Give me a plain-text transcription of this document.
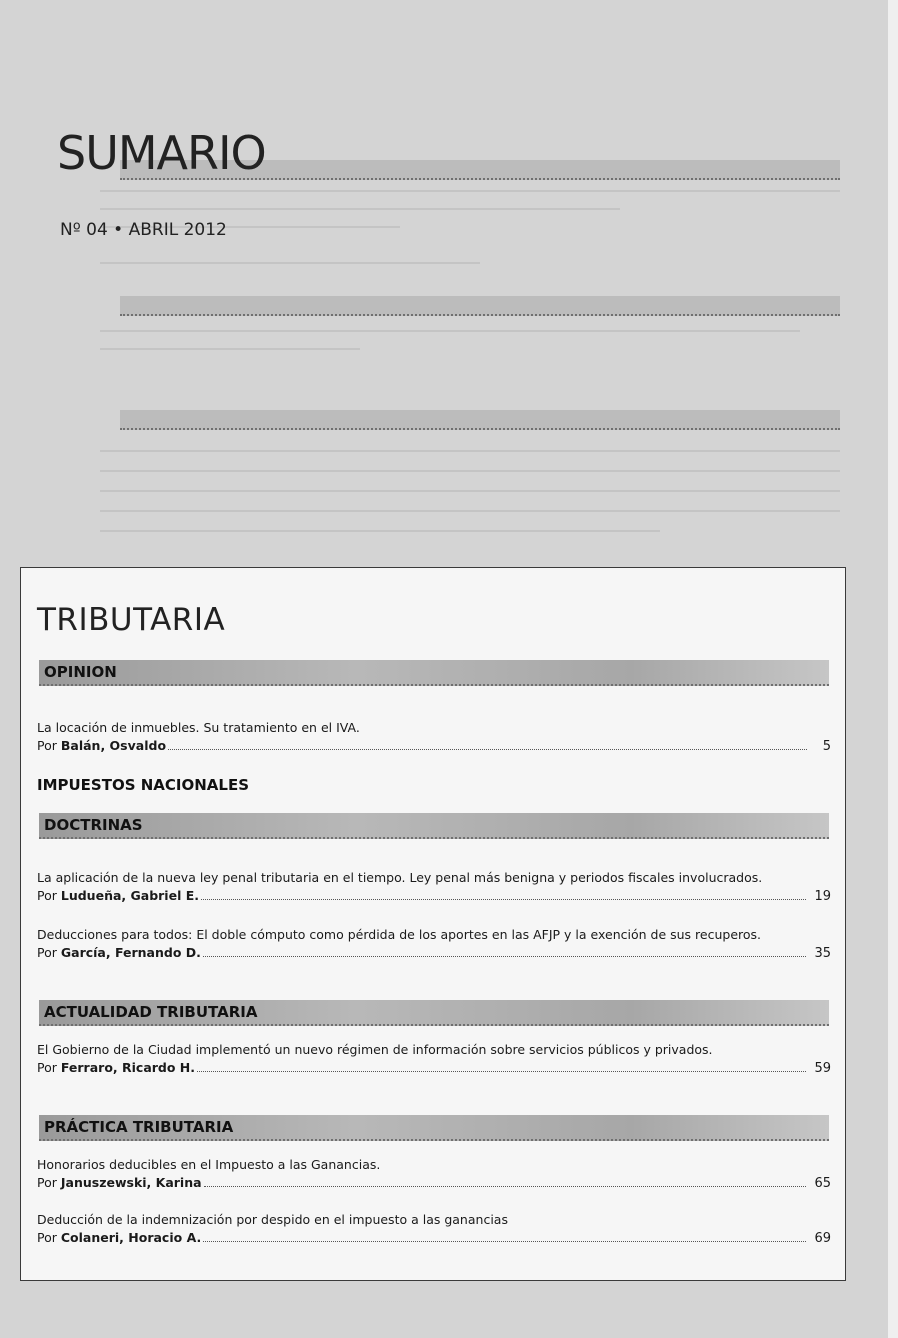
SUMARIO
Nº 04 • ABRIL 2012
TRIBUTARIA
OPINION
La locación de inmuebles. Su tratamiento en el IVA.
Por
Balán, Osvaldo	5
IMPUESTOS NACIONALES
DOCTRINAS
La aplicación de la nueva ley penal tributaria en el tiempo. Ley penal más benigna y periodos fiscales involucrados.
Por
Ludueña, Gabriel E.	19
Deducciones para todos: El doble cómputo como pérdida de los aportes en las AFJP y la exención de sus recuperos.
Por
García, Fernando D.	35
ACTUALIDAD TRIBUTARIA
El Gobierno de la Ciudad implementó un nuevo régimen de información sobre servicios públicos y privados.
Por
Ferraro, Ricardo H.	59
PRÁCTICA TRIBUTARIA
Honorarios deducibles en el Impuesto a las Ganancias.
Por
Januszewski, Karina	65
Deducción de la indemnización por despido en el impuesto a las ganancias
Por
Colaneri, Horacio A.	69
